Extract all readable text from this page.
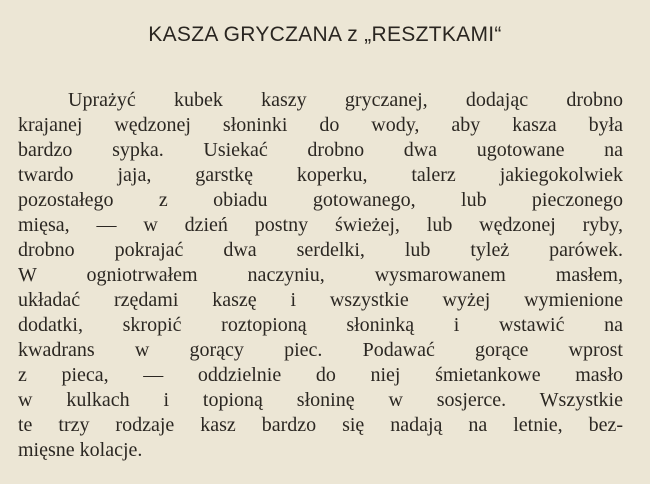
KASZA GRYCZANA z „RESZTKAMI“
Uprażyć kubek kaszy gryczanej, dodając drobno
krajanej wędzonej słoninki do wody, aby kasza była
bardzo sypka. Usiekać drobno dwa ugotowane na
twardo jaja, garstkę koperku, talerz jakiegokolwiek
pozostałego z obiadu gotowanego, lub pieczonego
mięsa, — w dzień postny świeżej, lub wędzonej ryby,
drobno pokrajać dwa serdelki, lub tyleż parówek.
W ogniotrwałem naczyniu, wysmarowanem masłem,
układać rzędami kaszę i wszystkie wyżej wymienione
dodatki, skropić roztopioną słoninką i wstawić na
kwadrans w gorący piec. Podawać gorące wprost
z pieca, — oddzielnie do niej śmietankowe masło
w kulkach i topioną słoninę w sosjerce. Wszystkie
te trzy rodzaje kasz bardzo się nadają na letnie, bez-
mięsne kolacje.
